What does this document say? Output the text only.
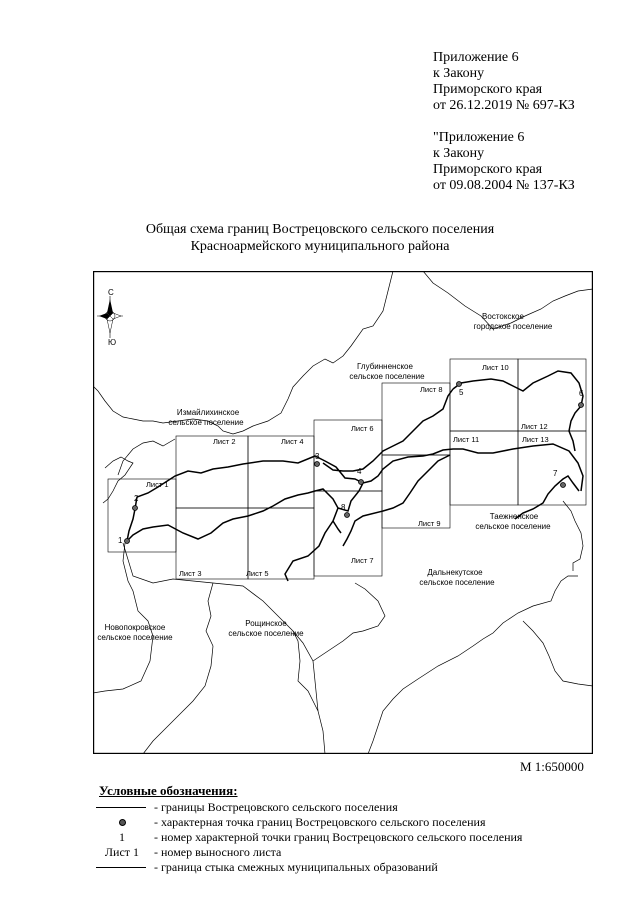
Приложение 6
к Закону
Приморского края
от 26.12.2019 № 697-КЗ
"Приложение 6
к Закону
Приморского края
от 09.08.2004 № 137-КЗ
Общая схема границ Вострецовского сельского поселения
Красноармейского муниципального района
С
Ю
1
2
3
4
5	6
7
8
Лист 1
Лист 2
Лист 3
Лист 4
Лист 5
Лист 6
Лист 7
Лист 8
Лист 9
Лист 10
Лист 11
Лист 12
Лист 13
Востокское
городское поселение
Глубинненское
сельское поселение
Измайлихинское
сельское поселение
Таежненское
сельское поселение
Дальнекутское
сельское поселение
Новопокровское
сельское поселение
Рощинское
сельское поселение
М 1:650000
Условные обозначения:
- границы Вострецовского сельского поселения
- характерная точка границ Вострецовского сельского поселения
1	- номер характерной точки границ Вострецовского сельского поселения
Лист 1	- номер выносного листа
- граница стыка смежных муниципальных образований
